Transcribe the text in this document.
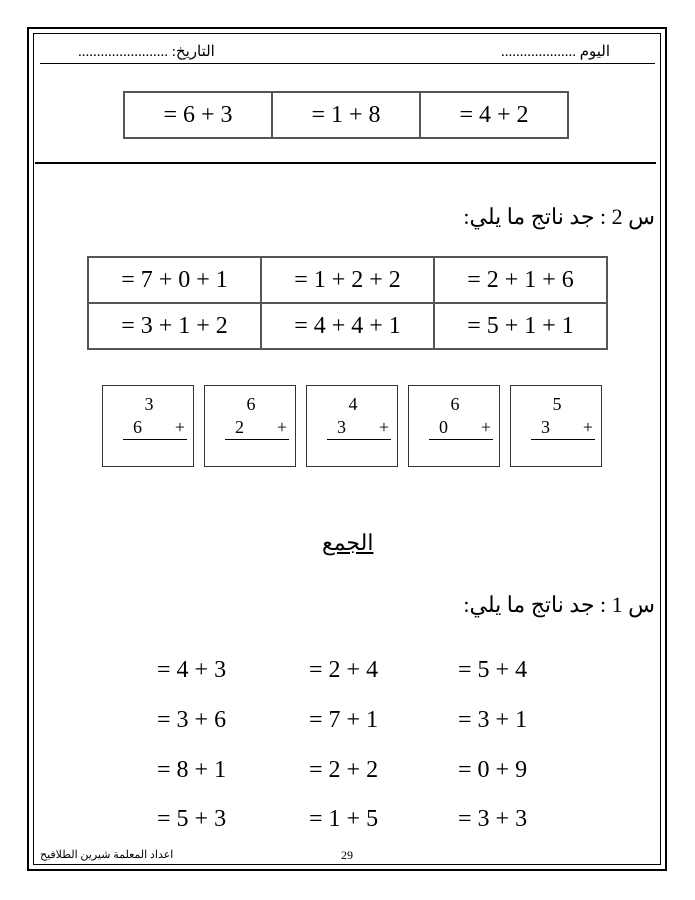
اليوم ....................
التاريخ: ........................
= 6 + 3	= 1 + 8	= 4 + 2
س 2 : جد ناتج ما يلي:
= 7 + 0 + 1	= 1 + 2 + 2	= 2 + 1 + 6
= 3 + 1 + 2	= 4 + 4 + 1	= 5 + 1 + 1
3
6 +
6
2 +
4
3 +
6
0 +
5
3 +
الجمع
س 1 : جد ناتج ما يلي:
= 4 + 3	= 2 + 4	= 5 + 4
= 3 + 6	= 7 + 1	= 3 + 1
= 8 + 1	= 2 + 2	= 0 + 9
= 5 + 3	= 1 + 5	= 3 + 3
اعداد المعلمة شيرين الطلافيح	29
